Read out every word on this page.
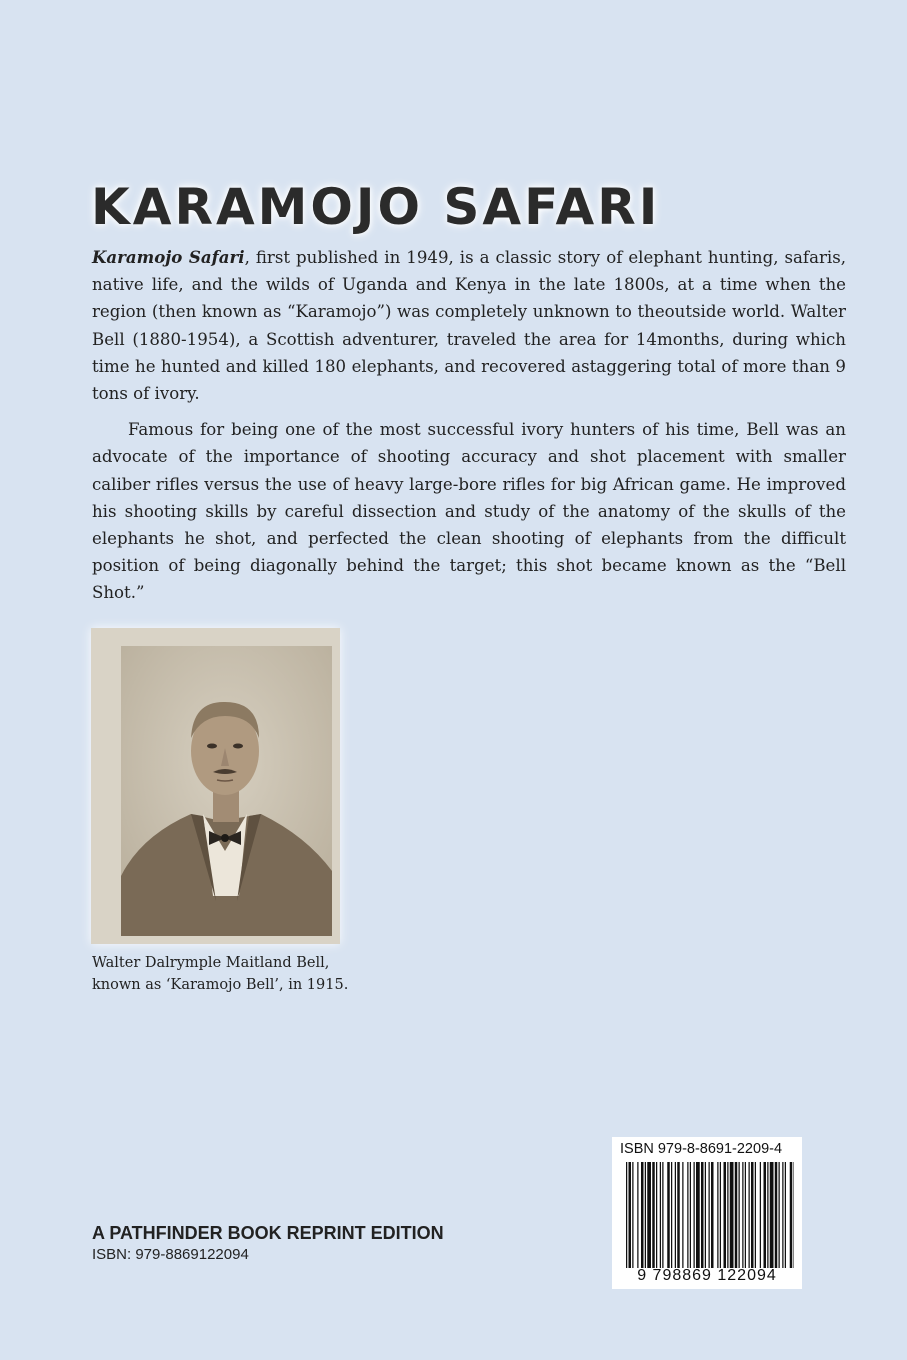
KARAMOJO SAFARI

Karamojo Safari, first published in 1949, is a classic story of elephant hunting, safaris, native life, and the wilds of Uganda and Kenya in the late 1800s, at a time when the region (then known as “Karamojo”) was completely unknown to theoutside world. Walter Bell (1880-1954), a Scottish adventurer, traveled the area for 14months, during which time he hunted and killed 180 elephants, and recovered astaggering total of more than 9 tons of ivory.

Famous for being one of the most successful ivory hunters of his time, Bell was an advocate of the importance of shooting accuracy and shot placement with smaller caliber rifles versus the use of heavy large-bore rifles for big African game. He improved his shooting skills by careful dissection and study of the anatomy of the skulls of the elephants he shot, and perfected the clean shooting of elephants from the difficult position of being diagonally behind the target; this shot became known as the “Bell Shot.”

Walter Dalrymple Maitland Bell,
known as ‘Karamojo Bell’, in 1915.
A PATHFINDER BOOK REPRINT EDITION
ISBN: 979-8869122094
ISBN 979-8-8691-2209-4
9 798869 122094
